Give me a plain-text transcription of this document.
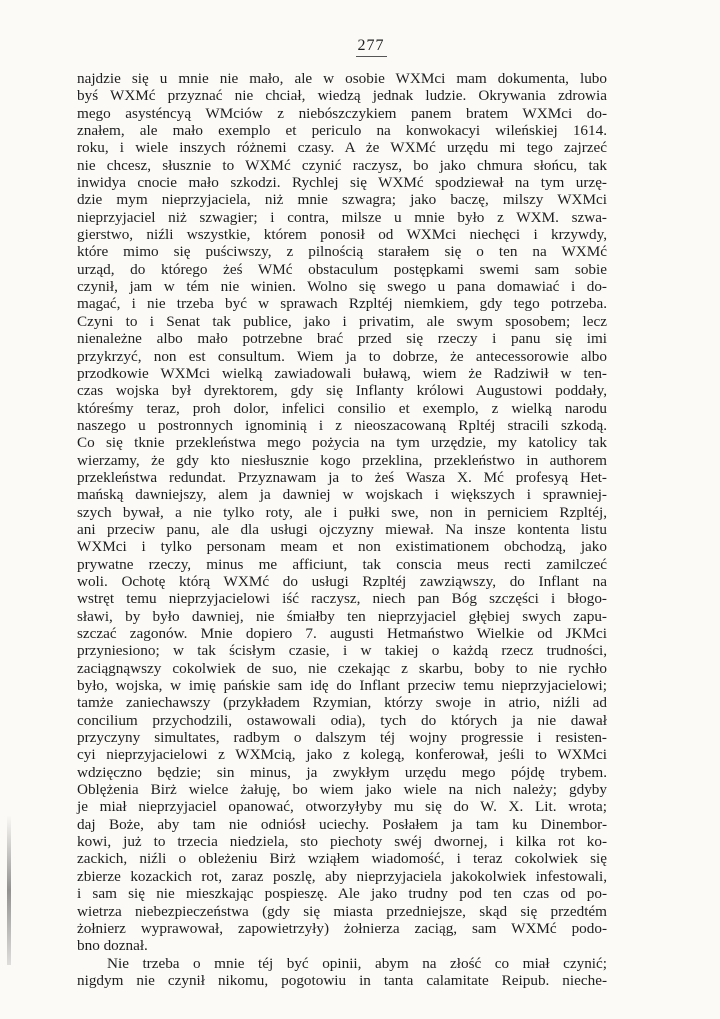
277
najdzie się u mnie nie mało, ale w osobie WXMci mam dokumenta, lubo
byś WXMć przyznać nie chciał, wiedzą jednak ludzie. Okrywania zdrowia
mego asysténcyą WMciów z niebószczykiem panem bratem WXMci do-
znałem, ale mało exemplo et periculo na konwokacyi wileńskiej 1614.
roku, i wiele inszych różnemi czasy. A że WXMć urzędu mi tego zajrzeć
nie chcesz, słusznie to WXMć czynić raczysz, bo jako chmura słońcu, tak
inwidya cnocie mało szkodzi. Rychlej się WXMć spodziewał na tym urzę-
dzie mym nieprzyjaciela, niż mnie szwagra; jako baczę, milszy WXMci
nieprzyjaciel niż szwagier; i contra, milsze u mnie było z WXM. szwa-
gierstwo, niźli wszystkie, którem ponosił od WXMci niechęci i krzywdy,
które mimo się puściwszy, z pilnością starałem się o ten na WXMć
urząd, do którego żeś WMć obstaculum postępkami swemi sam sobie
czynił, jam w tém nie winien. Wolno się swego u pana domawiać i do-
magać, i nie trzeba być w sprawach Rzpltéj niemkiem, gdy tego potrzeba.
Czyni to i Senat tak publice, jako i privatim, ale swym sposobem; lecz
nienależne albo mało potrzebne brać przed się rzeczy i panu się imi
przykrzyć, non est consultum. Wiem ja to dobrze, że antecessorowie albo
przodkowie WXMci wielką zawiadowali buławą, wiem że Radziwił w ten-
czas wojska był dyrektorem, gdy się Inflanty królowi Augustowi poddały,
któreśmy teraz, proh dolor, infelici consilio et exemplo, z wielką narodu
naszego u postronnych ignominią i z nieoszacowaną Rpltéj stracili szkodą.
Co się tknie przekleństwa mego pożycia na tym urzędzie, my katolicy tak
wierzamy, że gdy kto niesłusznie kogo przeklina, przekleństwo in authorem
przekleństwa redundat. Przyznawam ja to żeś Wasza X. Mć profesyą Het-
mańską dawniejszy, alem ja dawniej w wojskach i większych i sprawniej-
szych bywał, a nie tylko roty, ale i pułki swe, non in perniciem Rzpltéj,
ani przeciw panu, ale dla usługi ojczyzny miewał. Na insze kontenta listu
WXMci i tylko personam meam et non existimationem obchodzą, jako
prywatne rzeczy, minus me afficiunt, tak conscia meus recti zamilczeć
woli. Ochotę którą WXMć do usługi Rzpltéj zawziąwszy, do Inflant na
wstręt temu nieprzyjacielowi iść raczysz, niech pan Bóg szczęści i błogo-
sławi, by było dawniej, nie śmiałby ten nieprzyjaciel głębiej swych zapu-
szczać zagonów. Mnie dopiero 7. augusti Hetmaństwo Wielkie od JKMci
przyniesiono; w tak ścisłym czasie, i w takiej o każdą rzecz trudności,
zaciągnąwszy cokolwiek de suo, nie czekając z skarbu, boby to nie rychło
było, wojska, w imię pańskie sam idę do Inflant przeciw temu nieprzyjacielowi;
tamże zaniechawszy (przykładem Rzymian, którzy swoje in atrio, niźli ad
concilium przychodzili, ostawowali odia), tych do których ja nie dawał
przyczyny simultates, radbym o dalszym téj wojny progressie i resisten-
cyi nieprzyjacielowi z WXMcią, jako z kolegą, konferował, jeśli to WXMci
wdzięczno będzie; sin minus, ja zwykłym urzędu mego pójdę trybem.
Oblężenia Birż wielce żałuję, bo wiem jako wiele na nich należy; gdyby
je miał nieprzyjaciel opanować, otworzyłyby mu się do W. X. Lit. wrota;
daj Boże, aby tam nie odniósł uciechy. Posłałem ja tam ku Dinembor-
kowi, już to trzecia niedziela, sto piechoty swéj dwornej, i kilka rot ko-
zackich, niźli o obleżeniu Birż wziąłem wiadomość, i teraz cokolwiek się
zbierze kozackich rot, zaraz poszlę, aby nieprzyjaciela jakokolwiek infestowali,
i sam się nie mieszkając pospieszę. Ale jako trudny pod ten czas od po-
wietrza niebezpieczeństwa (gdy się miasta przedniejsze, skąd się przedtém
żołnierz wyprawował, zapowietrzyły) żołnierza zaciąg, sam WXMć podo-
bno doznał.
Nie trzeba o mnie téj być opinii, abym na złość co miał czynić;
nigdym nie czynił nikomu, pogotowiu in tanta calamitate Reipub. nieche-
